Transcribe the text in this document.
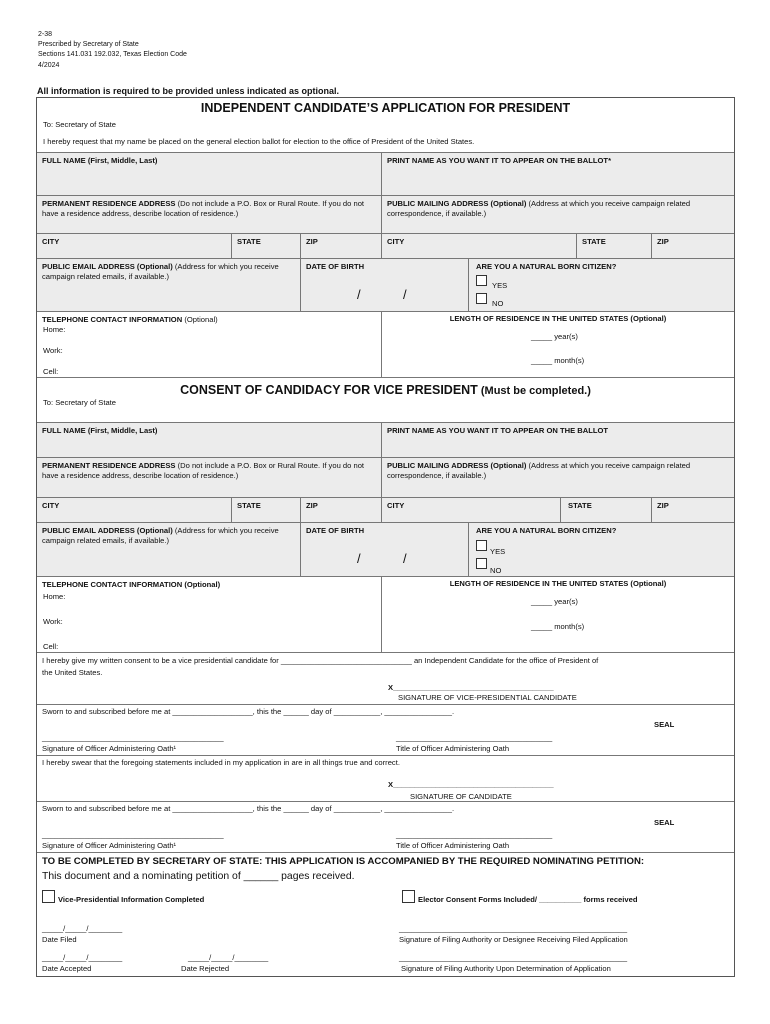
2-38
Prescribed by Secretary of State
Sections 141.031 192.032, Texas Election Code
4/2024
All information is required to be provided unless indicated as optional.
INDEPENDENT CANDIDATE’S APPLICATION FOR PRESIDENT
To: Secretary of State
I hereby request that my name be placed on the general election ballot for election to the office of President of the United States.
FULL NAME (First, Middle, Last)	PRINT NAME AS YOU WANT IT TO APPEAR ON THE BALLOT*
PERMANENT RESIDENCE ADDRESS (Do not include a P.O. Box or Rural Route. If you do not have a residence address, describe location of residence.)
PUBLIC MAILING ADDRESS (Optional) (Address at which you receive campaign related correspondence, if available.)
CITY	STATE	ZIP	CITY	STATE	ZIP
PUBLIC EMAIL ADDRESS (Optional) (Address for which you receive campaign related emails, if available.)
DATE OF BIRTH
/	/
ARE YOU A NATURAL BORN CITIZEN?
YES
NO
TELEPHONE CONTACT INFORMATION (Optional)
Home:
Work:
Cell:
LENGTH OF RESIDENCE IN THE UNITED STATES (Optional)
_____ year(s)
_____ month(s)
CONSENT OF CANDIDACY FOR VICE PRESIDENT (Must be completed.)
To: Secretary of State
FULL NAME (First, Middle, Last)	PRINT NAME AS YOU WANT IT TO APPEAR ON THE BALLOT
PERMANENT RESIDENCE ADDRESS (Do not include a P.O. Box or Rural Route. If you do not have a residence address, describe location of residence.)
PUBLIC MAILING ADDRESS (Optional) (Address at which you receive campaign related correspondence, if available.)
CITY	STATE	ZIP	CITY	STATE	ZIP
PUBLIC EMAIL ADDRESS (Optional) (Address for which you receive campaign related emails, if available.)
DATE OF BIRTH
/	/
ARE YOU A NATURAL BORN CITIZEN?
YES
NO
TELEPHONE CONTACT INFORMATION (Optional)
Home:
Work:
Cell:
LENGTH OF RESIDENCE IN THE UNITED STATES (Optional)
_____ year(s)
_____ month(s)
I hereby give my written consent to be a vice presidential candidate for _______________________________ an Independent Candidate for the office of President of
the United States.
X______________________________________
SIGNATURE OF VICE-PRESIDENTIAL CANDIDATE
Sworn to and subscribed before me at ___________________, this the ______ day of ___________, ________________.
SEAL
___________________________________________	_____________________________________
Signature of Officer Administering Oath¹	Title of Officer Administering Oath
I hereby swear that the foregoing statements included in my application in are in all things true and correct.
X______________________________________
SIGNATURE OF CANDIDATE
Sworn to and subscribed before me at ___________________, this the ______ day of ___________, ________________.
SEAL
___________________________________________	_____________________________________
Signature of Officer Administering Oath¹	Title of Officer Administering Oath
TO BE COMPLETED BY SECRETARY OF STATE: THIS APPLICATION IS ACCOMPANIED BY THE REQUIRED NOMINATING PETITION:
This document and a nominating petition of ______ pages received.
Vice-Presidential Information Completed	Elector Consent Forms Included/ __________ forms received
_____/_____/________
Date Filed
______________________________________________________
Signature of Filing Authority or Designee Receiving Filed Application
_____/_____/________
Date Accepted
_____/_____/________
Date Rejected
______________________________________________________
Signature of Filing Authority Upon Determination of Application
